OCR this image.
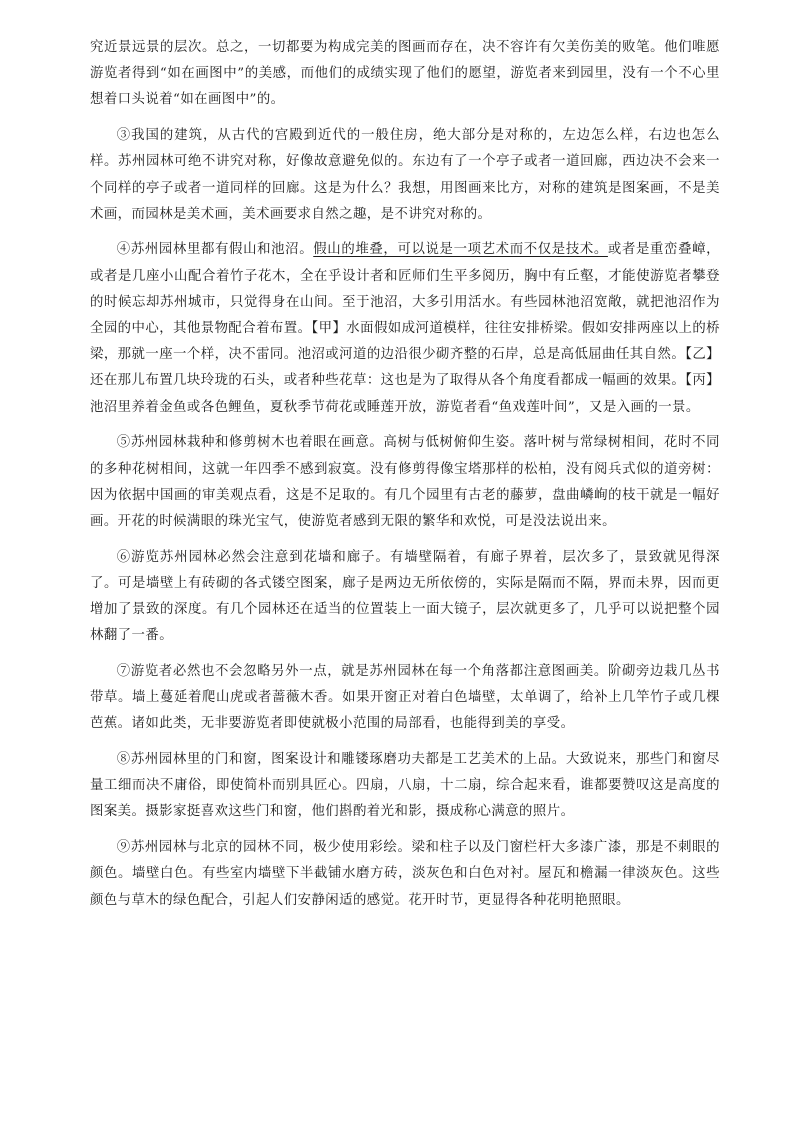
究近景远景的层次。总之，一切都要为构成完美的图画而存在，决不容许有欠美伤美的败笔。他们唯愿游览者得到“如在画图中”的美感，而他们的成绩实现了他们的愿望，游览者来到园里，没有一个不心里想着口头说着“如在画图中”的。

③我国的建筑，从古代的宫殿到近代的一般住房，绝大部分是对称的，左边怎么样，右边也怎么样。苏州园林可绝不讲究对称，好像故意避免似的。东边有了一个亭子或者一道回廊，西边决不会来一个同样的亭子或者一道同样的回廊。这是为什么？我想，用图画来比方，对称的建筑是图案画，不是美术画，而园林是美术画，美术画要求自然之趣，是不讲究对称的。

④苏州园林里都有假山和池沼。假山的堆叠，可以说是一项艺术而不仅是技术。或者是重峦叠嶂，或者是几座小山配合着竹子花木，全在乎设计者和匠师们生平多阅历，胸中有丘壑，才能使游览者攀登的时候忘却苏州城市，只觉得身在山间。至于池沼，大多引用活水。有些园林池沼宽敞，就把池沼作为全园的中心，其他景物配合着布置。【甲】水面假如成河道模样，往往安排桥梁。假如安排两座以上的桥梁，那就一座一个样，决不雷同。池沼或河道的边沿很少砌齐整的石岸，总是高低屈曲任其自然。【乙】还在那儿布置几块玲珑的石头，或者种些花草：这也是为了取得从各个角度看都成一幅画的效果。【丙】池沼里养着金鱼或各色鲤鱼，夏秋季节荷花或睡莲开放，游览者看“鱼戏莲叶间”，又是入画的一景。

⑤苏州园林栽种和修剪树木也着眼在画意。高树与低树俯仰生姿。落叶树与常绿树相间，花时不同的多种花树相间，这就一年四季不感到寂寞。没有修剪得像宝塔那样的松柏，没有阅兵式似的道旁树：因为依据中国画的审美观点看，这是不足取的。有几个园里有古老的藤萝，盘曲嶙峋的枝干就是一幅好画。开花的时候满眼的珠光宝气，使游览者感到无限的繁华和欢悦，可是没法说出来。

⑥游览苏州园林必然会注意到花墙和廊子。有墙壁隔着，有廊子界着，层次多了，景致就见得深了。可是墙壁上有砖砌的各式镂空图案，廊子是两边无所依傍的，实际是隔而不隔，界而未界，因而更增加了景致的深度。有几个园林还在适当的位置装上一面大镜子，层次就更多了，几乎可以说把整个园林翻了一番。

⑦游览者必然也不会忽略另外一点，就是苏州园林在每一个角落都注意图画美。阶砌旁边栽几丛书带草。墙上蔓延着爬山虎或者蔷薇木香。如果开窗正对着白色墙壁，太单调了，给补上几竿竹子或几棵芭蕉。诸如此类，无非要游览者即使就极小范围的局部看，也能得到美的享受。

⑧苏州园林里的门和窗，图案设计和雕镂琢磨功夫都是工艺美术的上品。大致说来，那些门和窗尽量工细而决不庸俗，即使简朴而别具匠心。四扇，八扇，十二扇，综合起来看，谁都要赞叹这是高度的图案美。摄影家挺喜欢这些门和窗，他们斟酌着光和影，摄成称心满意的照片。

⑨苏州园林与北京的园林不同，极少使用彩绘。梁和柱子以及门窗栏杆大多漆广漆，那是不刺眼的颜色。墙壁白色。有些室内墙壁下半截铺水磨方砖，淡灰色和白色对衬。屋瓦和檐漏一律淡灰色。这些颜色与草木的绿色配合，引起人们安静闲适的感觉。花开时节，更显得各种花明艳照眼。
